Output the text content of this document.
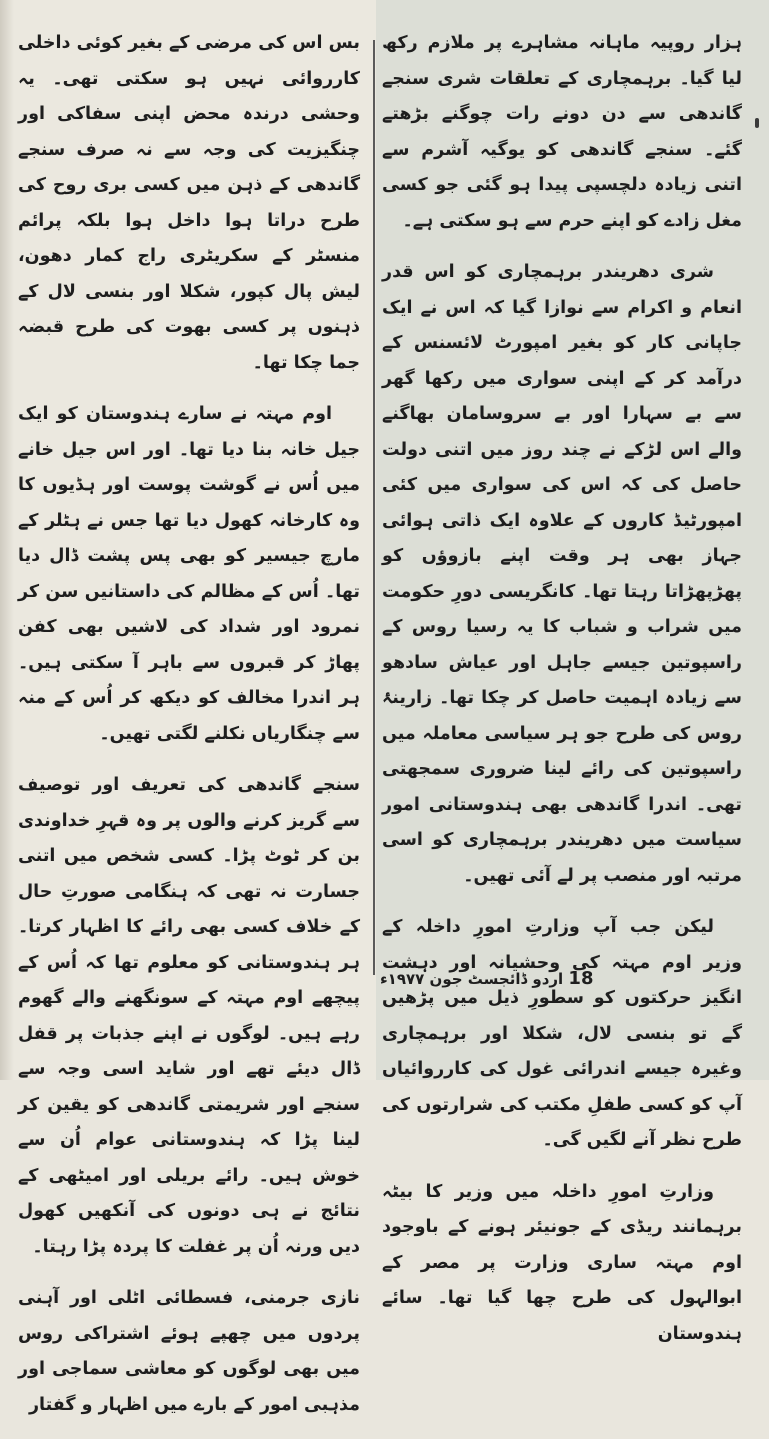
ہزار روپیہ ماہانہ مشاہرے پر ملازم رکھ لیا گیا۔ برہمچاری کے تعلقات شری سنجے گاندھی سے دن دونے رات چوگنے بڑھتے گئے۔ سنجے گاندھی کو یوگیہ آشرم سے اتنی زیادہ دلچسپی پیدا ہو گئی جو کسی مغل زادے کو اپنے حرم سے ہو سکتی ہے۔

شری دھریندر برہمچاری کو اس قدر انعام و اکرام سے نوازا گیا کہ اس نے ایک جاپانی کار کو بغیر امپورٹ لائسنس کے درآمد کر کے اپنی سواری میں رکھا گھر سے بے سہارا اور بے سروسامان بھاگنے والے اس لڑکے نے چند روز میں اتنی دولت حاصل کی کہ اس کی سواری میں کئی امپورٹیڈ کاروں کے علاوہ ایک ذاتی ہوائی جہاز بھی ہر وقت اپنے بازوؤں کو پھڑپھڑاتا رہتا تھا۔ کانگریسی دورِ حکومت میں شراب و شباب کا یہ رسیا روس کے راسپوتین جیسے جاہل اور عیاش سادھو سے زیادہ اہمیت حاصل کر چکا تھا۔ زارینۂ روس کی طرح جو ہر سیاسی معاملہ میں راسپوتین کی رائے لینا ضروری سمجھتی تھی۔ اندرا گاندھی بھی ہندوستانی امور سیاست میں دھریندر برہمچاری کو اسی مرتبہ اور منصب پر لے آئی تھیں۔

لیکن جب آپ وزارتِ امورِ داخلہ کے وزیر اوم مہتہ کی وحشیانہ اور دہشت انگیز حرکتوں کو سطورِ ذیل میں پڑھیں گے تو بنسی لال، شکلا اور برہمچاری وغیرہ جیسے اندرائی غول کی کارروائیاں آپ کو کسی طفلِ مکتب کی شرارتوں کی طرح نظر آنے لگیں گی۔

وزارتِ امورِ داخلہ میں وزیر کا بیٹہ برہمانند ریڈی کے جونیئر ہونے کے باوجود اوم مہتہ ساری وزارت پر مصر کے ابوالہول کی طرح چھا گیا تھا۔ سائے ہندوستان

بس اس کی مرضی کے بغیر کوئی داخلی کارروائی نہیں ہو سکتی تھی۔ یہ وحشی درندہ محض اپنی سفاکی اور چنگیزیت کی وجہ سے نہ صرف سنجے گاندھی کے ذہن میں کسی بری روح کی طرح دراتا ہوا داخل ہوا بلکہ پرائم منسٹر کے سکریٹری راج کمار دھون، لیش پال کپور، شکلا اور بنسی لال کے ذہنوں پر کسی بھوت کی طرح قبضہ جما چکا تھا۔

اوم مہتہ نے سارے ہندوستان کو ایک جیل خانہ بنا دیا تھا۔ اور اس جیل خانے میں اُس نے گوشت پوست اور ہڈیوں کا وہ کارخانہ کھول دیا تھا جس نے ہٹلر کے مارچ جیسیر کو بھی پس پشت ڈال دیا تھا۔ اُس کے مظالم کی داستانیں سن کر نمرود اور شداد کی لاشیں بھی کفن پھاڑ کر قبروں سے باہر آ سکتی ہیں۔ ہر اندرا مخالف کو دیکھ کر اُس کے منہ سے چنگاریاں نکلنے لگتی تھیں۔

سنجے گاندھی کی تعریف اور توصیف سے گریز کرنے والوں پر وہ قہرِ خداوندی بن کر ٹوٹ پڑا۔ کسی شخص میں اتنی جسارت نہ تھی کہ ہنگامی صورتِ حال کے خلاف کسی بھی رائے کا اظہار کرتا۔ ہر ہندوستانی کو معلوم تھا کہ اُس کے پیچھے اوم مہتہ کے سونگھنے والے گھوم رہے ہیں۔ لوگوں نے اپنے جذبات پر قفل ڈال دیئے تھے اور شاید اسی وجہ سے سنجے اور شریمتی گاندھی کو یقین کر لینا پڑا کہ ہندوستانی عوام اُن سے خوش ہیں۔ رائے بریلی اور امیٹھی کے نتائج نے ہی دونوں کی آنکھیں کھول دیں ورنہ اُن پر غفلت کا پردہ پڑا رہتا۔

نازی جرمنی، فسطائی اٹلی اور آہنی پردوں میں چھپے ہوئے اشتراکی روس میں بھی لوگوں کو معاشی سماجی اور مذہبی امور کے بارے میں اظہار و گفتار

18 اردو ڈائجسٹ جون ۱۹۷۷ء
